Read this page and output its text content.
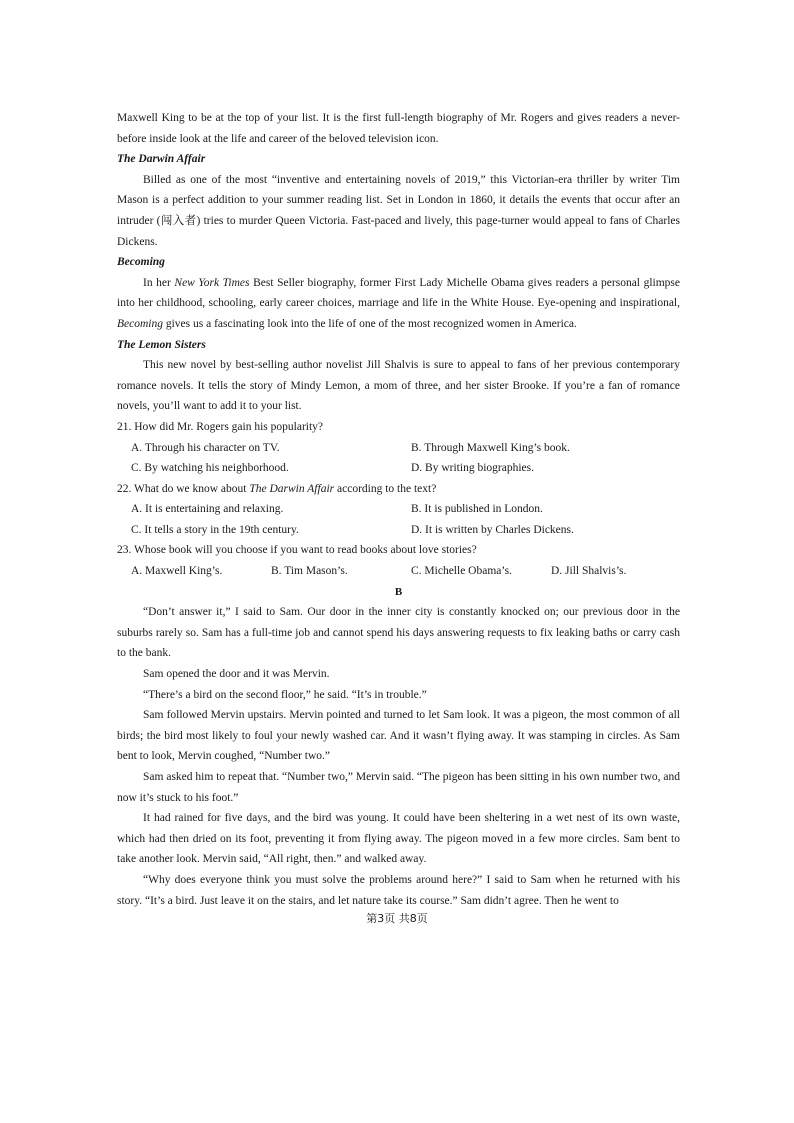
Maxwell King to be at the top of your list. It is the first full-length biography of Mr. Rogers and gives readers a never-before inside look at the life and career of the beloved television icon.

The Darwin Affair

Billed as one of the most “inventive and entertaining novels of 2019,” this Victorian-era thriller by writer Tim Mason is a perfect addition to your summer reading list. Set in London in 1860, it details the events that occur after an intruder (闯入者) tries to murder Queen Victoria. Fast-paced and lively, this page-turner would appeal to fans of Charles Dickens.

Becoming

In her New York Times Best Seller biography, former First Lady Michelle Obama gives readers a personal glimpse into her childhood, schooling, early career choices, marriage and life in the White House. Eye-opening and inspirational, Becoming gives us a fascinating look into the life of one of the most recognized women in America.

The Lemon Sisters

This new novel by best-selling author novelist Jill Shalvis is sure to appeal to fans of her previous contemporary romance novels. It tells the story of Mindy Lemon, a mom of three, and her sister Brooke. If you’re a fan of romance novels, you’ll want to add it to your list.

21. How did Mr. Rogers gain his popularity?
A. Through his character on TV.	B. Through Maxwell King’s book.
C. By watching his neighborhood.	D. By writing biographies.
22. What do we know about The Darwin Affair according to the text?
A. It is entertaining and relaxing.	B. It is published in London.
C. It tells a story in the 19th century.	D. It is written by Charles Dickens.
23. Whose book will you choose if you want to read books about love stories?
A. Maxwell King’s.	B. Tim Mason’s.	C. Michelle Obama’s.	D. Jill Shalvis’s.
B

“Don’t answer it,” I said to Sam. Our door in the inner city is constantly knocked on; our previous door in the suburbs rarely so. Sam has a full-time job and cannot spend his days answering requests to fix leaking baths or carry cash to the bank.

Sam opened the door and it was Mervin.

“There’s a bird on the second floor,” he said. “It’s in trouble.”

Sam followed Mervin upstairs. Mervin pointed and turned to let Sam look. It was a pigeon, the most common of all birds; the bird most likely to foul your newly washed car. And it wasn’t flying away. It was stamping in circles. As Sam bent to look, Mervin coughed, “Number two.”

Sam asked him to repeat that. “Number two,” Mervin said. “The pigeon has been sitting in his own number two, and now it’s stuck to his foot.”

It had rained for five days, and the bird was young. It could have been sheltering in a wet nest of its own waste, which had then dried on its foot, preventing it from flying away. The pigeon moved in a few more circles. Sam bent to take another look. Mervin said, “All right, then.” and walked away.

“Why does everyone think you must solve the problems around here?” I said to Sam when he returned with his story. “It’s a bird. Just leave it on the stairs, and let nature take its course.” Sam didn’t agree. Then he went to

第3页 共8页
